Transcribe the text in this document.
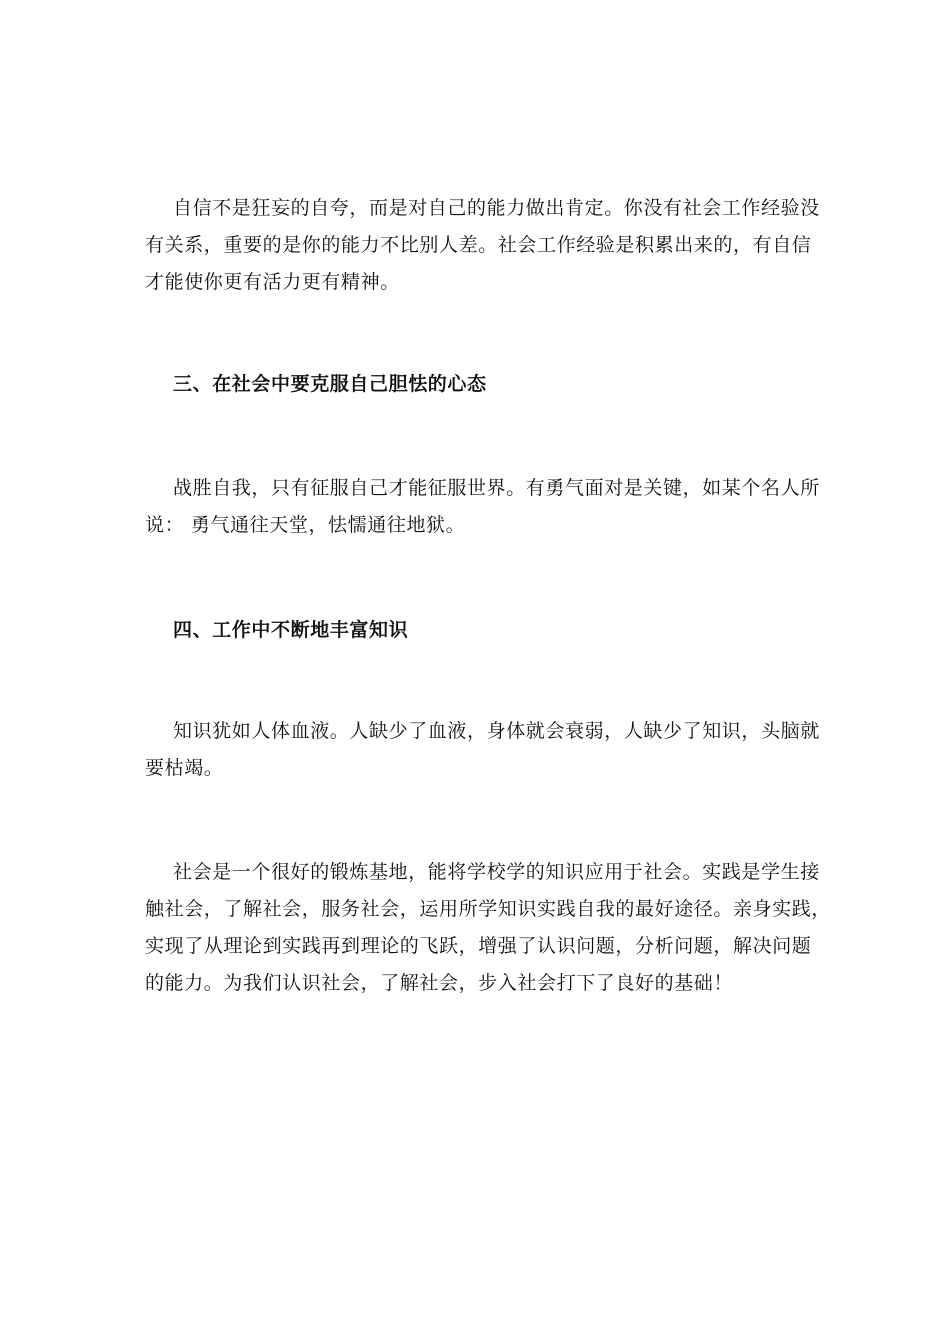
自信不是狂妄的自夸，而是对自己的能力做出肯定。你没有社会工作经验没
有关系，重要的是你的能力不比别人差。社会工作经验是积累出来的，有自信
才能使你更有活力更有精神。
三、在社会中要克服自己胆怯的心态
战胜自我，只有征服自己才能征服世界。有勇气面对是关键，如某个名人所
说： 勇气通往天堂，怯懦通往地狱。
四、工作中不断地丰富知识
知识犹如人体血液。人缺少了血液，身体就会衰弱，人缺少了知识，头脑就
要枯竭。
社会是一个很好的锻炼基地，能将学校学的知识应用于社会。实践是学生接
触社会，了解社会，服务社会，运用所学知识实践自我的最好途径。亲身实践，
实现了从理论到实践再到理论的飞跃，增强了认识问题，分析问题，解决问题
的能力。为我们认识社会，了解社会，步入社会打下了良好的基础！
